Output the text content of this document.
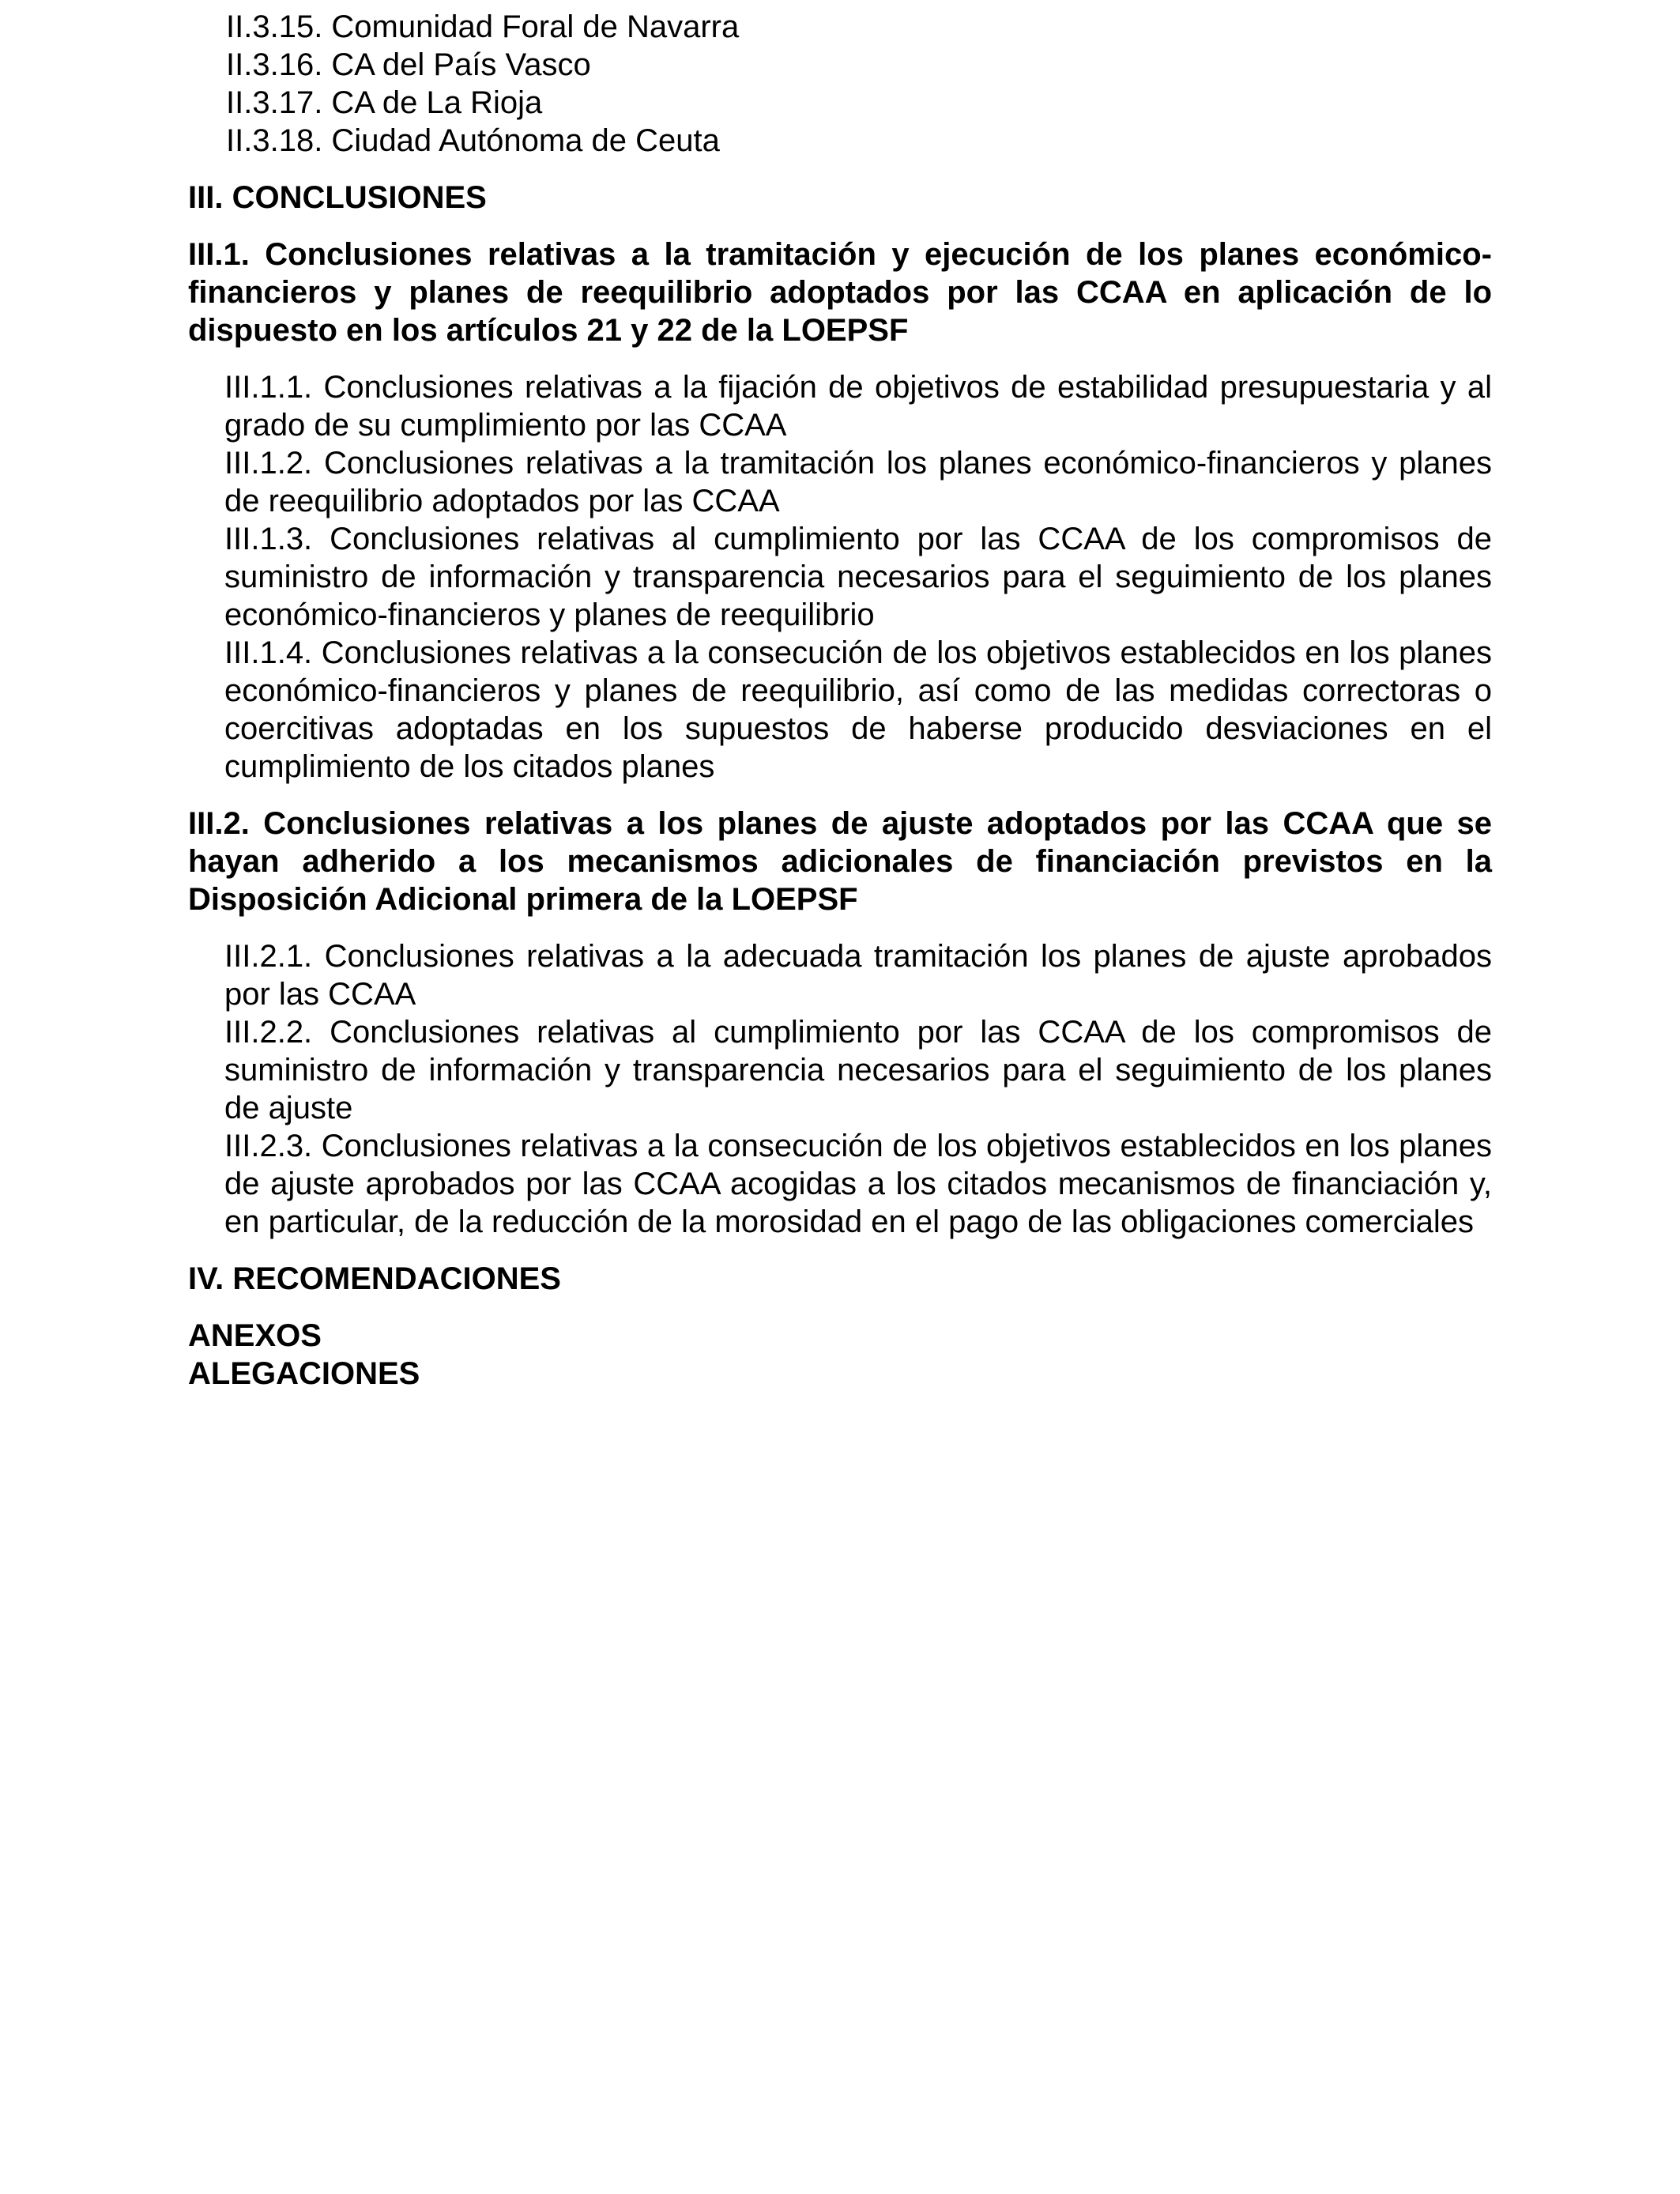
II.3.15. Comunidad Foral de Navarra

II.3.16. CA del País Vasco

II.3.17. CA de La Rioja

II.3.18. Ciudad Autónoma de Ceuta

III. CONCLUSIONES

III.1. Conclusiones relativas a la tramitación y ejecución de los planes económico-financieros y planes de reequilibrio adoptados por las CCAA en aplicación de lo dispuesto en los artículos 21 y 22 de la LOEPSF

III.1.1. Conclusiones relativas a la fijación de objetivos de estabilidad presupuestaria y al grado de su cumplimiento por las CCAA

III.1.2. Conclusiones relativas a la tramitación los planes económico-financieros y planes de reequilibrio adoptados por las CCAA

III.1.3. Conclusiones relativas al cumplimiento por las CCAA de los compromisos de suministro de información y transparencia necesarios para el seguimiento de los planes económico-financieros y planes de reequilibrio

III.1.4. Conclusiones relativas a la consecución de los objetivos establecidos en los planes económico-financieros y planes de reequilibrio, así como de las medidas correctoras o coercitivas adoptadas en los supuestos de haberse producido desviaciones en el cumplimiento de los citados planes

III.2. Conclusiones relativas a los planes de ajuste adoptados por las CCAA que se hayan adherido a los mecanismos adicionales de financiación previstos en la Disposición Adicional primera de la LOEPSF

III.2.1. Conclusiones relativas a la adecuada tramitación los planes de ajuste aprobados por las CCAA

III.2.2. Conclusiones relativas al cumplimiento por las CCAA de los compromisos de suministro de información y transparencia necesarios para el seguimiento de los planes de ajuste

III.2.3. Conclusiones relativas a la consecución de los objetivos establecidos en los planes de ajuste aprobados por las CCAA acogidas a los citados mecanismos de financiación y, en particular, de la reducción de la morosidad en el pago de las obligaciones comerciales

IV. RECOMENDACIONES

ANEXOS

ALEGACIONES
